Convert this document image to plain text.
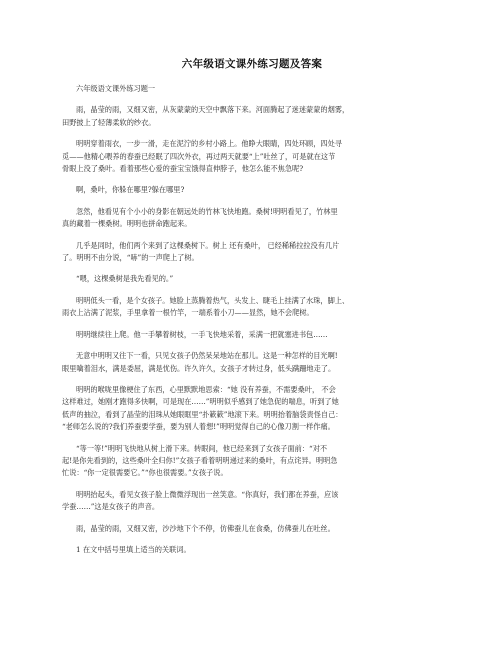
六年级语文课外练习题及答案

六年级语文课外练习题一

雨，晶莹的雨，又细又密，从灰蒙蒙的天空中飘落下来。河面腾起了迷迷蒙蒙的烟雾，
田野披上了轻薄柔软的纱衣。

明明穿着雨衣，一步一滑，走在泥泞的乡村小路上。他睁大眼睛，四处环顾，四处寻
觅——他精心喂养的春蚕已经眠了四次外衣，再过两天就要“上”吐丝了，可是就在这节
骨眼上没了桑叶。看着那些心爱的蚕宝宝饿得直伸脖子，他怎么能不焦急呢?

啊，桑叶，你躲在哪里?躲在哪里?

忽然，他看见有个小小的身影在朝远处的竹林飞快地跑。桑树!明明看见了，竹林里
真的藏着一棵桑树。明明也拼命跑起来。

几乎是同时，他们两个来到了这棵桑树下。树上 还有桑叶， 已经稀稀拉拉没有几片
了。明明不由分说，“哧”的一声爬上了树。

“喂，这棵桑树是我先看见的。”

明明低头一看，是个女孩子。她脸上蒸腾着热气，头发上、睫毛上挂满了水珠，脚上、
雨衣上沾满了泥浆，手里拿着一根竹竿，一端系着小刀——显然，她不会爬树。

明明继续往上爬。他一手攀着树枝，一手飞快地采着，采满一把就塞进书包……

无意中明明又往下一看，只见女孩子仍然呆呆地站在那儿。这是一种怎样的目光啊!
眼里噙着泪水，满是委屈，满是忧伤。许久许久，女孩子才转过身，低头蹒跚地走了。

明明的喉咙里像梗住了东西，心里默默地思索：“她 没有养蚕，不需要桑叶， 不会
这样难过，她刚才跑得多快啊，可是现在……”明明似乎感到了她急促的喘息，听到了她
低声的抽泣，看到了晶莹的泪珠从她眼眶里“扑簌簌”地滚下来。明明抬着脑袋责怪自己：
“老师怎么说的?我们养蚕要学蚕，要为别人着想!”明明觉得自己的心像刀割一样作痛。

“等一等!”明明飞快地从树上滑下来。转眼间，他已经来到了女孩子面前：“对不
起!是你先看到的，这些桑叶全归你!”女孩子看着明明递过来的桑叶，有点诧异。明明急
忙说：“你一定很需要它。”“你也很需要。”女孩子说。

明明抬起头，看见女孩子脸上微微浮现出一丝笑意。“你真好，我们都在养蚕，应该
学蚕……”这是女孩子的声音。

雨，晶莹的雨，又细又密，沙沙地下个不停，仿佛蚕儿在食桑，仿佛蚕儿在吐丝。

1 在文中括号里填上适当的关联词。
